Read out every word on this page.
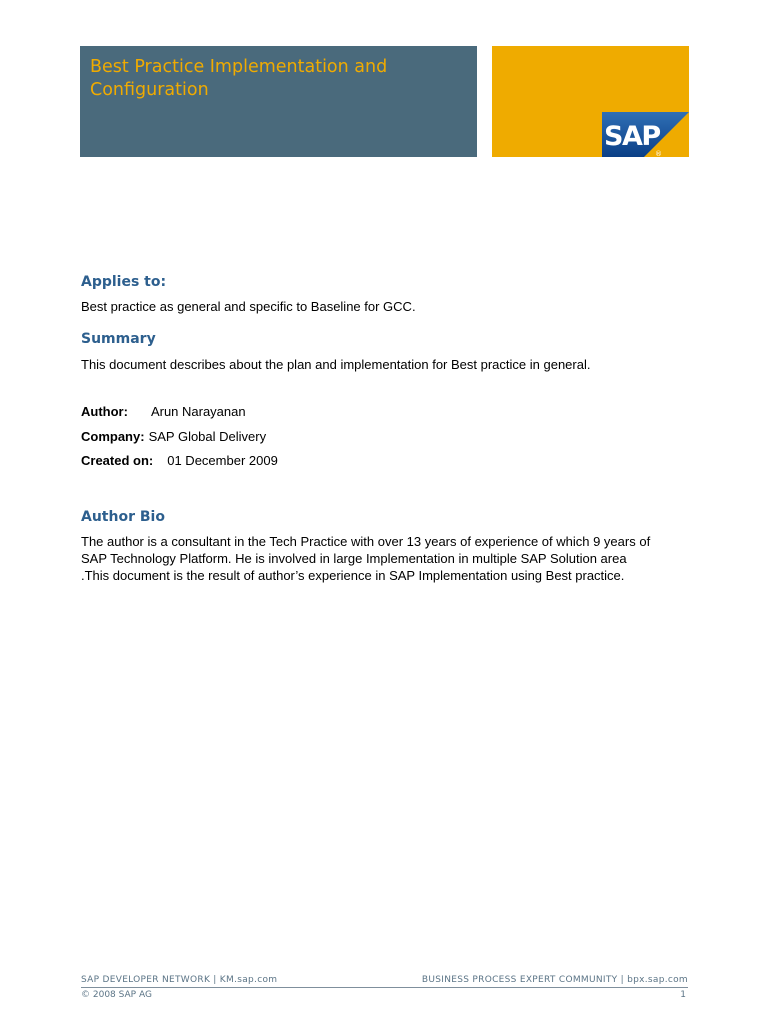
Best Practice Implementation and
Configuration
SAP
®
Applies to:

Best practice as general and specific to Baseline for GCC.

Summary

This document describes about the plan and implementation for Best practice in general.

Author: Arun Narayanan
Company: SAP Global Delivery
Created on: 01 December 2009
Author Bio

The author is a consultant in the Tech Practice with over 13 years of experience of which 9 years of

SAP Technology Platform. He is involved in large Implementation in multiple SAP Solution area

.This document is the result of author’s experience in SAP Implementation using Best practice.

SAP DEVELOPER NETWORK | KM.sap.com	BUSINESS PROCESS EXPERT COMMUNITY | bpx.sap.com
© 2008 SAP AG	1
